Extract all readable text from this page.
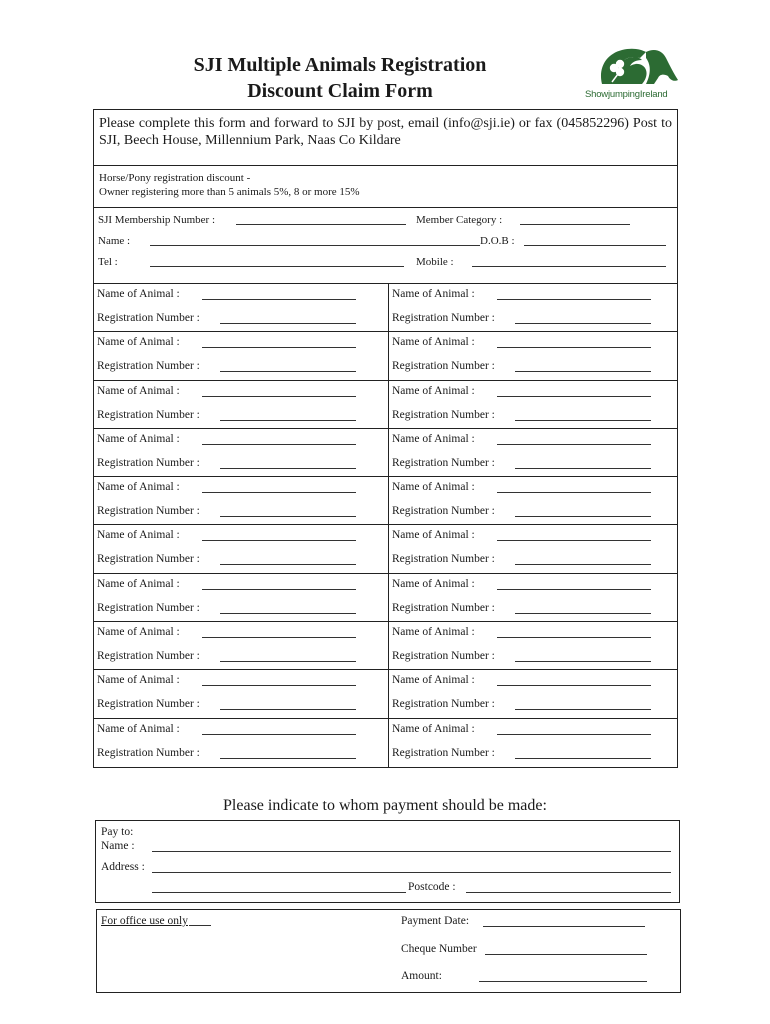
SJI Multiple Animals Registration
Discount Claim Form	ShowjumpingIreland
Please complete this form and forward to SJI by post, email (info@sji.ie) or fax (045852296) Post to SJI, Beech House, Millennium Park, Naas Co Kildare
Horse/Pony registration discount -
Owner registering more than 5 animals 5%, 8 or more 15%
SJI Membership Number :	Member Category :
Name :	D.O.B :
Tel :	Mobile :
Name of Animal :
Registration Number :
Name of Animal :
Registration Number :
Name of Animal :
Registration Number :
Name of Animal :
Registration Number :
Name of Animal :
Registration Number :
Name of Animal :
Registration Number :
Name of Animal :
Registration Number :
Name of Animal :
Registration Number :
Name of Animal :
Registration Number :
Name of Animal :
Registration Number :
Name of Animal :
Registration Number :
Name of Animal :
Registration Number :
Name of Animal :
Registration Number :
Name of Animal :
Registration Number :
Name of Animal :
Registration Number :
Name of Animal :
Registration Number :
Name of Animal :
Registration Number :
Name of Animal :
Registration Number :
Name of Animal :
Registration Number :
Name of Animal :
Registration Number :
Please indicate to whom payment should be made:
Pay to:
Name :
Address :
Postcode :
For office use only	Payment Date:
Cheque Number
Amount:
